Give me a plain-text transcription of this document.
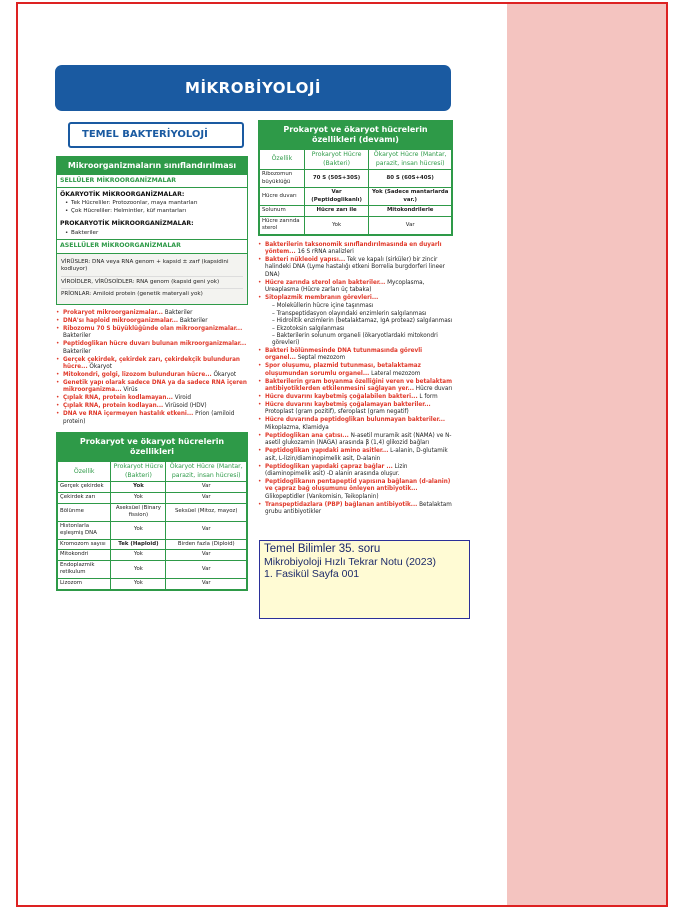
MİKROBİYOLOJİ
TEMEL BAKTERİYOLOJİ
Mikroorganizmaların sınıflandırılması
SELLÜLER MİKROORGANİZMALAR
ÖKARYOTİK MİKROORGANİZMALAR:
• Tek Hücreliler: Protozoonlar, maya mantarları
• Çok Hücreliler: Helmintler, küf mantarları
PROKARYOTİK MİKROORGANİZMALAR:
• Bakteriler
ASELLÜLER MİKROORGANİZMALAR
VİRÜSLER: DNA veya RNA genom + kapsid ± zarf (kapsidini kodluyor)
VİROİDLER, VİRÜSOİDLER: RNA genom (kapsid geni yok)
PRİONLAR: Amiloid protein (genetik materyali yok)
• Prokaryot mikroorganizmalar... Bakteriler
• DNA'sı haploid mikroorganizmalar... Bakteriler
• Ribozomu 70 S büyüklüğünde olan mikroorganizmalar... Bakteriler
• Peptidoglikan hücre duvarı bulunan mikroorganizmalar... Bakteriler
• Gerçek çekirdek, çekirdek zarı, çekirdekçik bulunduran hücre... Ökaryot
• Mitokondri, golgi, lizozom bulunduran hücre... Ökaryot
• Genetik yapı olarak sadece DNA ya da sadece RNA içeren mikroorganizma... Virüs
• Çıplak RNA, protein kodlamayan... Viroid
• Çıplak RNA, protein kodlayan... Virüsoid (HDV)
• DNA ve RNA içermeyen hastalık etkeni... Prion (amiloid protein)
Prokaryot ve ökaryot hücrelerin özellikleri
Özellik	Prokaryot Hücre (Bakteri)	Ökaryot Hücre (Mantar, parazit, insan hücresi)
Gerçek çekirdek	Yok	Var
Çekirdek zarı	Yok	Var
Bölünme	Aseksüel (Binary fission)	Seksüel (Mitoz, mayoz)
Histonlarla eşleşmiş DNA	Yok	Var
Kromozom sayısı	Tek (Haploid)	Birden fazla (Diploid)
Mitokondri	Yok	Var
Endoplazmik retikulum	Yok	Var
Lizozom	Yok	Var
Prokaryot ve ökaryot hücrelerin özellikleri (devamı)
Özellik	Prokaryot Hücre (Bakteri)	Ökaryot Hücre (Mantar, parazit, insan hücresi)
Ribozomun büyüklüğü	70 S (50S+30S)	80 S (60S+40S)
Hücre duvarı	Var (Peptidoglikanlı)	Yok (Sadece mantarlarda var.)
Solunum	Hücre zarı ile	Mitokondrilerle
Hücre zarında sterol	Yok	Var
• Bakterilerin taksonomik sınıflandırılmasında en duyarlı yöntem... 16 S rRNA analizleri
• Bakteri nükleoid yapısı... Tek ve kapalı (sirküler) bir zincir halindeki DNA (Lyme hastalığı etkeni Borrelia burgdorferi lineer DNA)
• Hücre zarında sterol olan bakteriler... Mycoplasma, Ureaplasma (Hücre zarları üç tabaka)
• Sitoplazmik membranın görevleri...
– Moleküllerin hücre içine taşınması
– Transpeptidasyon olayındaki enzimlerin salgılanması
– Hidrolitik enzimlerin (betalaktamaz, IgA proteaz) salgılanması
– Ekzotoksin salgılanması
– Bakterilerin solunum organeli (ökaryotlardaki mitokondri görevleri)
• Bakteri bölünmesinde DNA tutunmasında görevli organel... Septal mezozom
• Spor oluşumu, plazmid tutunması, betalaktamaz oluşumundan sorumlu organel... Lateral mezozom
• Bakterilerin gram boyanma özelliğini veren ve betalaktam antibiyotiklerden etkilenmesini sağlayan yer... Hücre duvarı
• Hücre duvarını kaybetmiş çoğalabilen bakteri... L form
• Hücre duvarını kaybetmiş çoğalamayan bakteriler... Protoplast (gram pozitif), sferoplast (gram negatif)
• Hücre duvarında peptidoglikan bulunmayan bakteriler... Mikoplazma, Klamidya
• Peptidoglikan ana çatısı... N-asetil muramik asit (NAMA) ve N-asetil glukozamin (NAGA) arasında β (1,4) glikozid bağları
• Peptidoglikan yapıdaki amino asitler... L-alanin, D-glutamik asit, L-lizin/diaminopimelik asit, D-alanin
• Peptidoglikan yapıdaki çapraz bağlar ... Lizin (diaminopimelik asit) -D alanin arasında oluşur.
• Peptidoglikanın pentapeptid yapısına bağlanan (d-alanin) ve çapraz bağ oluşumunu önleyen antibiyotik... Glikopeptidler (Vankomisin, Teikoplanin)
• Transpeptidazlara (PBP) bağlanan antibiyotik... Betalaktam grubu antibiyotikler
Temel Bilimler 35. soru
Mikrobiyoloji Hızlı Tekrar Notu (2023)
1. Fasikül Sayfa 001
